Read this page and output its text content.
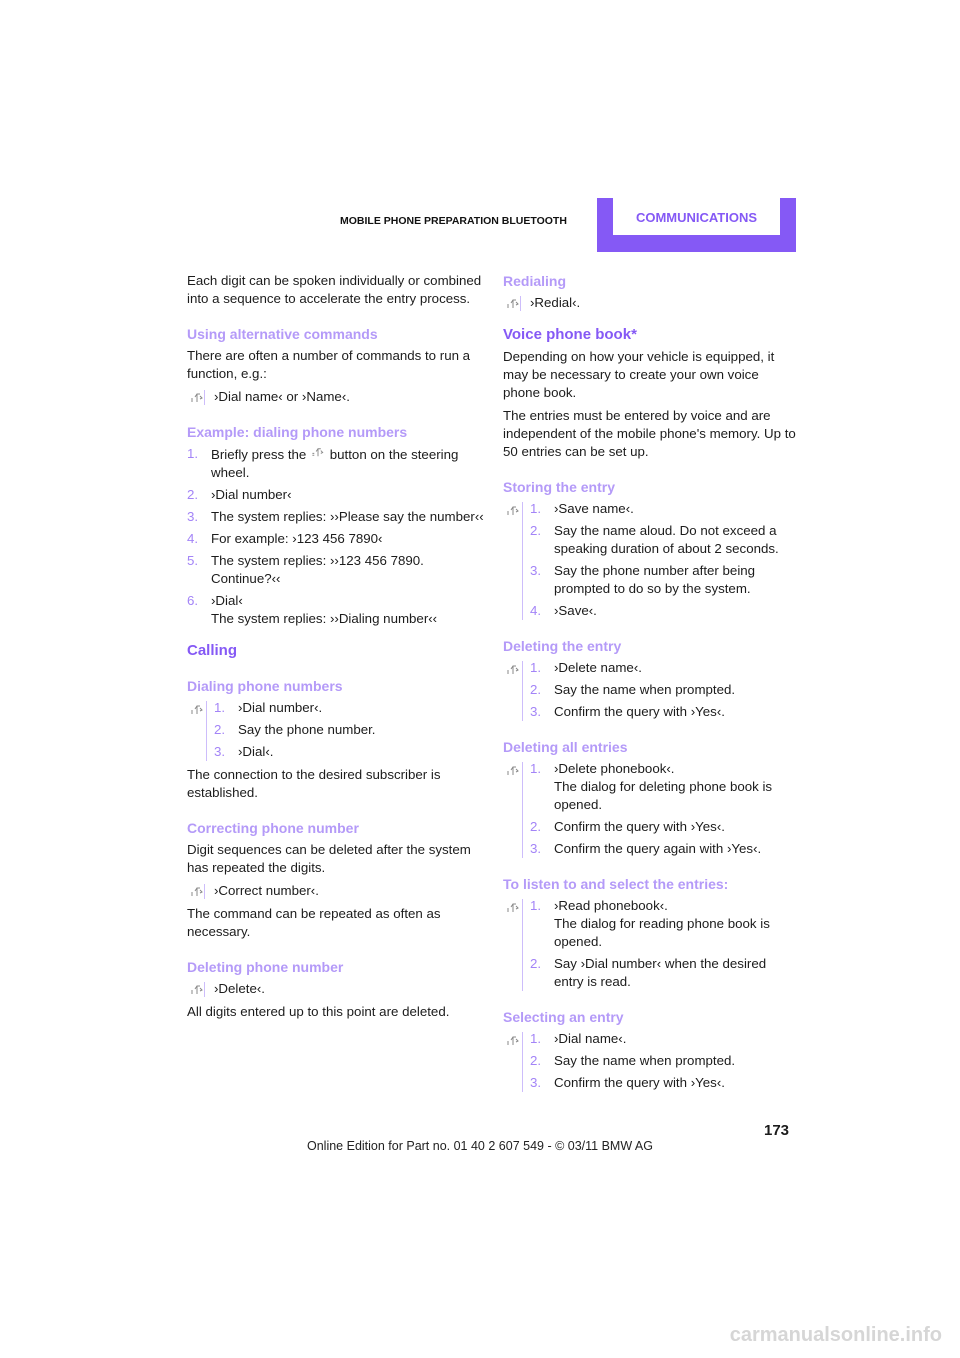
MOBILE PHONE PREPARATION BLUETOOTH	COMMUNICATIONS

Each digit can be spoken individually or combined into a sequence to accelerate the entry process.

Using alternative commands

There are often a number of commands to run a function, e.g.:

›Dial name‹ or ›Name‹.
Example: dialing phone numbers
1. Briefly press the button on the steering wheel.
2. ›Dial number‹
3. The system replies: ››Please say the number‹‹
4. For example: ›123 456 7890‹
5. The system replies: ››123 456 7890. Continue?‹‹
6. ›Dial‹
The system replies: ››Dialing number‹‹
Calling
Dialing phone numbers
1. ›Dial number‹.
2. Say the phone number.
3. ›Dial‹.

The connection to the desired subscriber is established.

Correcting phone number

Digit sequences can be deleted after the system has repeated the digits.

›Correct number‹.

The command can be repeated as often as necessary.

Deleting phone number
›Delete‹.

All digits entered up to this point are deleted.

Redialing
›Redial‹.
Voice phone book*

Depending on how your vehicle is equipped, it may be necessary to create your own voice phone book.

The entries must be entered by voice and are independent of the mobile phone's memory. Up to 50 entries can be set up.

Storing the entry
1. ›Save name‹.
2. Say the name aloud. Do not exceed a speaking duration of about 2 seconds.
3. Say the phone number after being prompted to do so by the system.
4. ›Save‹.
Deleting the entry
1. ›Delete name‹.
2. Say the name when prompted.
3. Confirm the query with ›Yes‹.
Deleting all entries
1. ›Delete phonebook‹.
The dialog for deleting phone book is opened.
2. Confirm the query with ›Yes‹.
3. Confirm the query again with ›Yes‹.
To listen to and select the entries:
1. ›Read phonebook‹.
The dialog for reading phone book is opened.
2. Say ›Dial number‹ when the desired entry is read.
Selecting an entry
1. ›Dial name‹.
2. Say the name when prompted.
3. Confirm the query with ›Yes‹.
173
Online Edition for Part no. 01 40 2 607 549 - © 03/11 BMW AG
carmanualsonline.info
